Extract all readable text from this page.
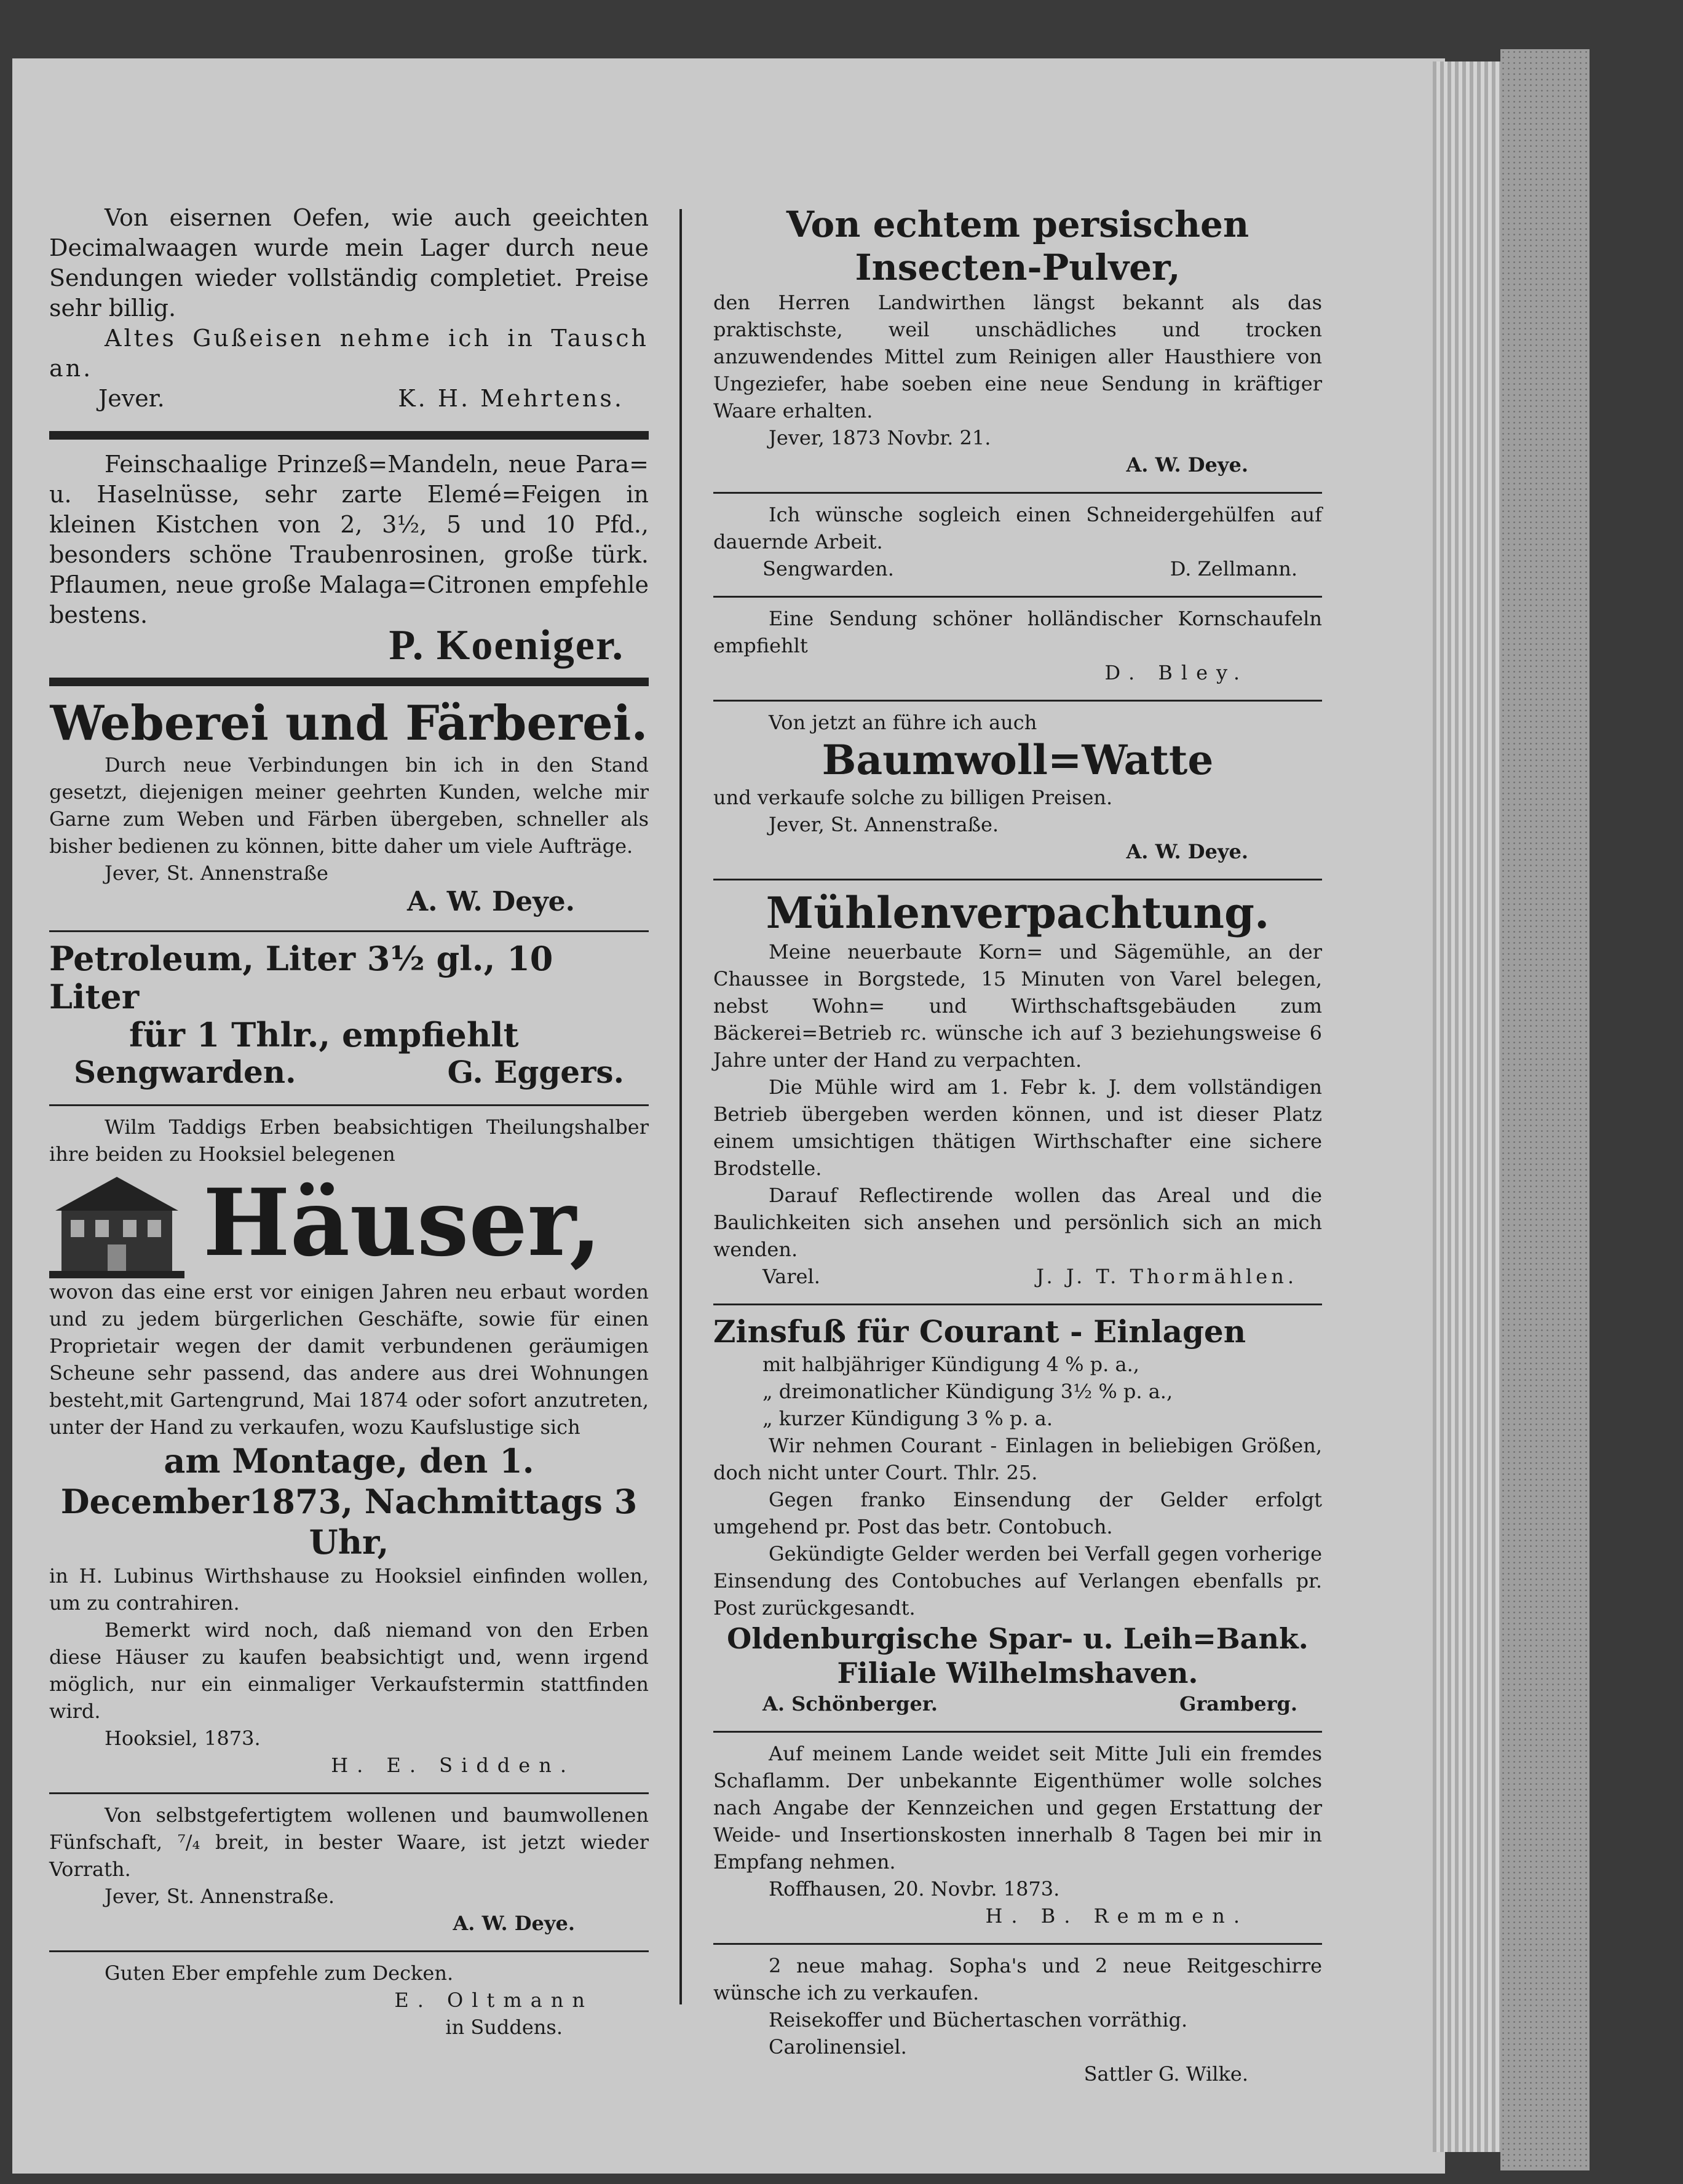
Von eisernen Oefen, wie auch geeichten Decimalwaagen wurde mein Lager durch neue Sendungen wieder vollständig completiet. Preise sehr billig.

Altes Gußeisen nehme ich in Tausch an.

Jever.	K. H. Mehrtens.

Feinschaalige Prinzeß=Mandeln, neue Para= u. Haselnüsse, sehr zarte Elemé=Feigen in kleinen Kistchen von 2, 3½, 5 und 10 Pfd., besonders schöne Traubenrosinen, große türk. Pflaumen, neue große Malaga=Citronen empfehle bestens.

P. Koeniger.
Weberei und Färberei.

Durch neue Verbindungen bin ich in den Stand gesetzt, diejenigen meiner geehrten Kunden, welche mir Garne zum Weben und Färben übergeben, schneller als bisher bedienen zu können, bitte daher um viele Aufträge.

Jever, St. Annenstraße
A. W. Deye.
Petroleum, Liter 3½ gl., 10 Liter
für 1 Thlr., empfiehlt
Sengwarden.	G. Eggers.

Wilm Taddigs Erben beabsichtigen Theilungshalber ihre beiden zu Hooksiel belegenen

Häuser,

wovon das eine erst vor einigen Jahren neu erbaut worden und zu jedem bürgerlichen Geschäfte, sowie für einen Proprietair wegen der damit verbundenen geräumigen Scheune sehr passend, das andere aus drei Wohnungen besteht,mit Gartengrund, Mai 1874 oder sofort anzutreten, unter der Hand zu verkaufen, wozu Kaufslustige sich

am Montage, den 1. December1873, Nachmittags 3 Uhr,

in H. Lubinus Wirthshause zu Hooksiel einfinden wollen, um zu contrahiren.

Bemerkt wird noch, daß niemand von den Erben diese Häuser zu kaufen beabsichtigt und, wenn irgend möglich, nur ein einmaliger Verkaufstermin stattfinden wird.

Hooksiel, 1873.
H. E. Sidden.

Von selbstgefertigtem wollenen und baumwollenen Fünfschaft, ⁷/₄ breit, in bester Waare, ist jetzt wieder Vorrath.

Jever, St. Annenstraße.
A. W. Deye.

Guten Eber empfehle zum Decken.

E. Oltmann
in Suddens.
Von echtem persischen Insecten-Pulver,

den Herren Landwirthen längst bekannt als das praktischste, weil unschädliches und trocken anzuwendendes Mittel zum Reinigen aller Hausthiere von Ungeziefer, habe soeben eine neue Sendung in kräftiger Waare erhalten.

Jever, 1873 Novbr. 21.
A. W. Deye.

Ich wünsche sogleich einen Schneidergehülfen auf dauernde Arbeit.

Sengwarden.	D. Zellmann.

Eine Sendung schöner holländischer Kornschaufeln empfiehlt

D. Bley.
Von jetzt an führe ich auch
Baumwoll=Watte

und verkaufe solche zu billigen Preisen.

Jever, St. Annenstraße.
A. W. Deye.
Mühlenverpachtung.

Meine neuerbaute Korn= und Sägemühle, an der Chaussee in Borgstede, 15 Minuten von Varel belegen, nebst Wohn= und Wirthschaftsgebäuden zum Bäckerei=Betrieb rc. wünsche ich auf 3 beziehungsweise 6 Jahre unter der Hand zu verpachten.

Die Mühle wird am 1. Febr k. J. dem vollständigen Betrieb übergeben werden können, und ist dieser Platz einem umsichtigen thätigen Wirthschafter eine sichere Brodstelle.

Darauf Reflectirende wollen das Areal und die Baulichkeiten sich ansehen und persönlich sich an mich wenden.

Varel.	J. J. T. Thormählen.
Zinsfuß für Courant - Einlagen
mit halbjähriger Kündigung 4 % p. a.,
„ dreimonatlicher Kündigung 3½ % p. a.,
„ kurzer Kündigung 3 % p. a.

Wir nehmen Courant - Einlagen in beliebigen Größen, doch nicht unter Court. Thlr. 25.

Gegen franko Einsendung der Gelder erfolgt umgehend pr. Post das betr. Contobuch.

Gekündigte Gelder werden bei Verfall gegen vorherige Einsendung des Contobuches auf Verlangen ebenfalls pr. Post zurückgesandt.

Oldenburgische Spar- u. Leih=Bank.
Filiale Wilhelmshaven.
A. Schönberger.	Gramberg.

Auf meinem Lande weidet seit Mitte Juli ein fremdes Schaflamm. Der unbekannte Eigenthümer wolle solches nach Angabe der Kennzeichen und gegen Erstattung der Weide- und Insertionskosten innerhalb 8 Tagen bei mir in Empfang nehmen.

Roffhausen, 20. Novbr. 1873.
H. B. Remmen.

2 neue mahag. Sopha's und 2 neue Reitgeschirre wünsche ich zu verkaufen.

Reisekoffer und Büchertaschen vorräthig.
Carolinensiel.
Sattler G. Wilke.
